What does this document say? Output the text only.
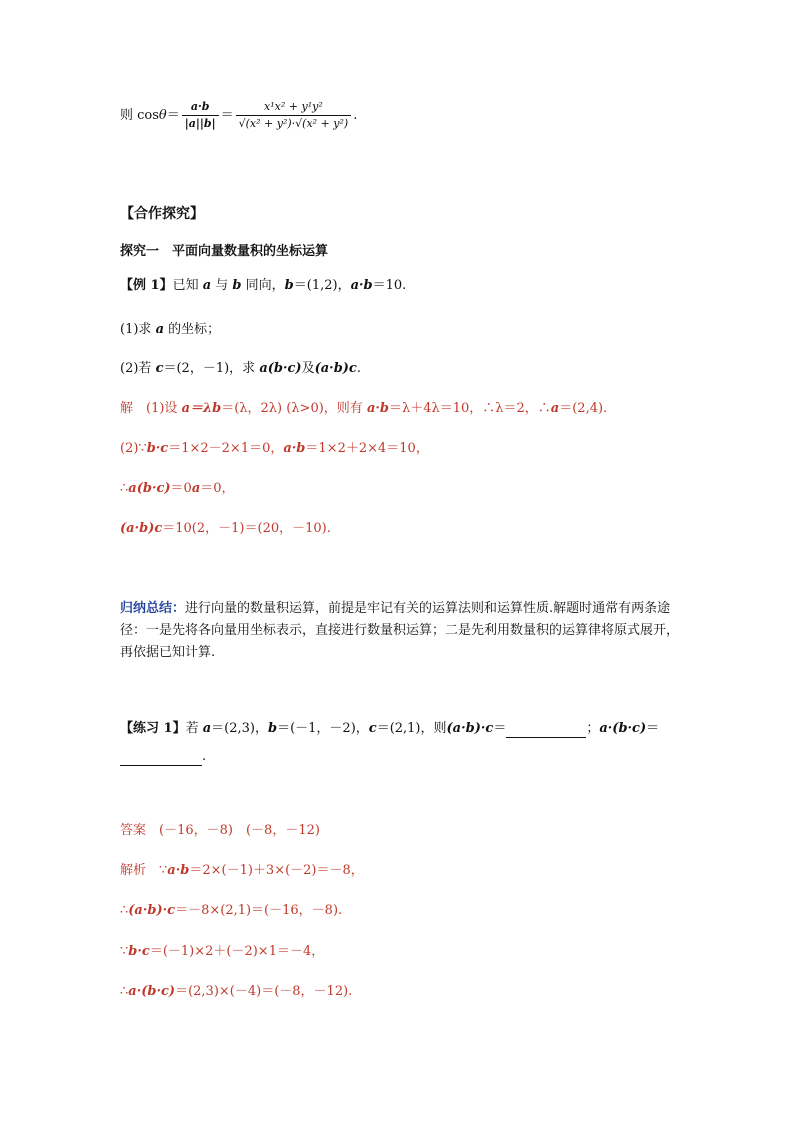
则 $\cos\theta= \frac{a\cdot b}{|a||b|} = \frac{\text{x¹x² + y¹y²}}{\text{√(x² + y²)·√(x² + y²)}}$ .
【合作探究】
探究一　平面向量数量积的坐标运算
【例 1】已知 a 与 b 同向，b＝(1,2)，a·b＝10.
(1)求 a 的坐标；
(2)若 c＝(2，－1)，求 a(b·c)及(a·b)c.
解　(1)设 a＝λb＝(λ，2λ) (λ>0)，则有 a·b＝λ＋4λ＝10，∴λ＝2，∴a＝(2,4).
(2)∵b·c＝1×2－2×1＝0，a·b＝1×2＋2×4＝10，
∴a(b·c)＝0a＝0，
(a·b)c＝10(2，－1)＝(20，－10).
归纳总结：进行向量的数量积运算，前提是牢记有关的运算法则和运算性质.解题时通常有两条途径：一是先将各向量用坐标表示，直接进行数量积运算；二是先利用数量积的运算律将原式展开，再依据已知计算.
【练习 1】若 a＝(2,3)，b＝(－1，－2)，c＝(2,1)，则(a·b)·c＝	；a·(b·c)＝
.
答案　(－16，－8)　(－8，－12)
解析　∵a·b＝2×(－1)＋3×(－2)＝－8，
∴(a·b)·c＝－8×(2,1)＝(－16，－8).
∵b·c＝(－1)×2＋(－2)×1＝－4，
∴a·(b·c)＝(2,3)×(－4)＝(－8，－12).
